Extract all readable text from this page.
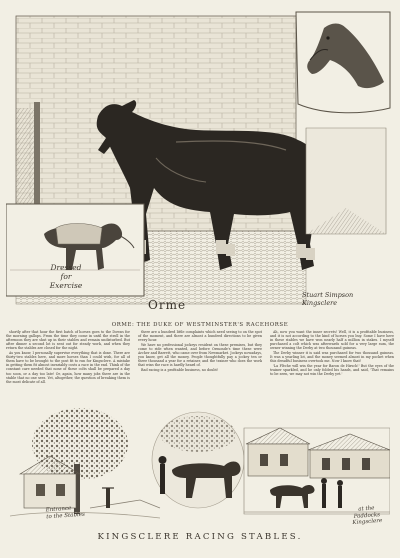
Dressed
for
Exercise
Orme
Stuart Simpson
Kingsclere
ORME: THE DUKE OF WESTMINSTER'S RACEHORSE

shortly after that hour the first batch of horses goes to the Downs for the morning gallops. From the time they come in until the stroll in the afternoon they are shut up in their stables and remain undisturbed. But after dinner a second lot is sent out for steady work, and when they return the stables are closed for the night.

As you know, I personally supervise everything that is done. There are thirty-two stables here, and more horses than I could wish, for all of them have to be brought to the post fit to run for Kingsclere. A mistake in getting them fit almost invariably costs a race in the end. Think of the constant care needed that none of these colts shall be prepared a day too soon, or a day too late! Or, again, how many jobs there are in the stable that no one sees. Yet, altogether, the question of breaking them is the most delicate of all.

there are a hundred little complaints which need seeing to on the spot of the moment, and there are almost a hundred directions to be given every hour.

We have no professional jockeys resident on these premises, but they come to ride when wanted, and before Ormonde's time these were Archer and Barrett, who came over from Newmarket. Jockeys nowadays, you know, get all the money. People thoughtfully pay a jockey ten or three thousand a year for a retainer, and the trainer who does the work that wins the race is hardly heard of.

Bad racing is a profitable business, no doubt!

Ah, now you want the inner secrets! Well, it is a profitable business, and it is not according to the kind of horses you buy. Some I have here in these stables we have won nearly half a million in stakes. I myself purchased a colt which was afterwards sold for a very large sum, the owner winning the Derby at two thousand guineas.

The Derby winner it is said was purchased for two thousand guineas. It was a yearling lot, and the money seemed almost in my pocket when this dreadful business overtook me. Now I know that!

'La Flèche will win the year for Baron de Hirsch!' But the eyes of the trainer sparkled, and he only folded his hands, and said, 'That remains to be seen, we may not win the Derby yet.'

Entrance
to the Stables
at the
Paddocks
Kingsclere
KINGSCLERE RACING STABLES.
